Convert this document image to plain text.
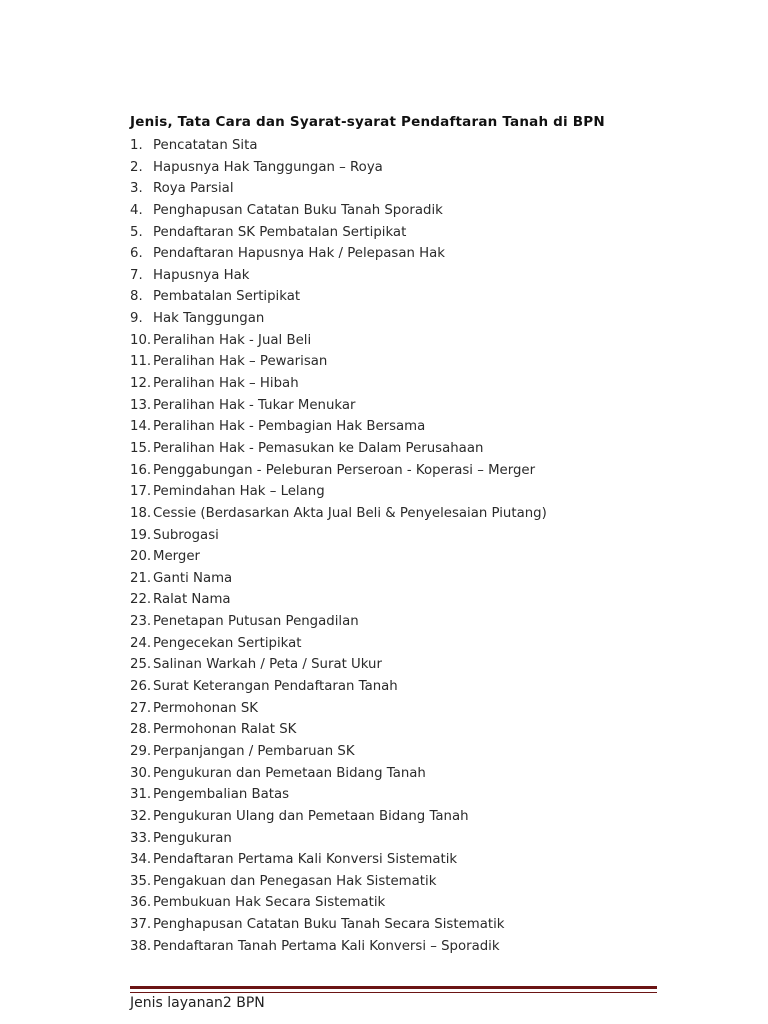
Jenis, Tata Cara dan Syarat-syarat Pendaftaran Tanah di BPN
1. Pencatatan Sita
2. Hapusnya Hak Tanggungan – Roya
3. Roya Parsial
4. Penghapusan Catatan Buku Tanah Sporadik
5. Pendaftaran SK Pembatalan Sertipikat
6. Pendaftaran Hapusnya Hak / Pelepasan Hak
7. Hapusnya Hak
8. Pembatalan Sertipikat
9. Hak Tanggungan
10. Peralihan Hak - Jual Beli
11. Peralihan Hak – Pewarisan
12. Peralihan Hak – Hibah
13. Peralihan Hak - Tukar Menukar
14. Peralihan Hak - Pembagian Hak Bersama
15. Peralihan Hak - Pemasukan ke Dalam Perusahaan
16. Penggabungan - Peleburan Perseroan - Koperasi – Merger
17. Pemindahan Hak – Lelang
18. Cessie (Berdasarkan Akta Jual Beli & Penyelesaian Piutang)
19. Subrogasi
20. Merger
21. Ganti Nama
22. Ralat Nama
23. Penetapan Putusan Pengadilan
24. Pengecekan Sertipikat
25. Salinan Warkah / Peta / Surat Ukur
26. Surat Keterangan Pendaftaran Tanah
27. Permohonan SK
28. Permohonan Ralat SK
29. Perpanjangan / Pembaruan SK
30. Pengukuran dan Pemetaan Bidang Tanah
31. Pengembalian Batas
32. Pengukuran Ulang dan Pemetaan Bidang Tanah
33. Pengukuran
34. Pendaftaran Pertama Kali Konversi Sistematik
35. Pengakuan dan Penegasan Hak Sistematik
36. Pembukuan Hak Secara Sistematik
37. Penghapusan Catatan Buku Tanah Secara Sistematik
38. Pendaftaran Tanah Pertama Kali Konversi – Sporadik
Jenis layanan2 BPN
